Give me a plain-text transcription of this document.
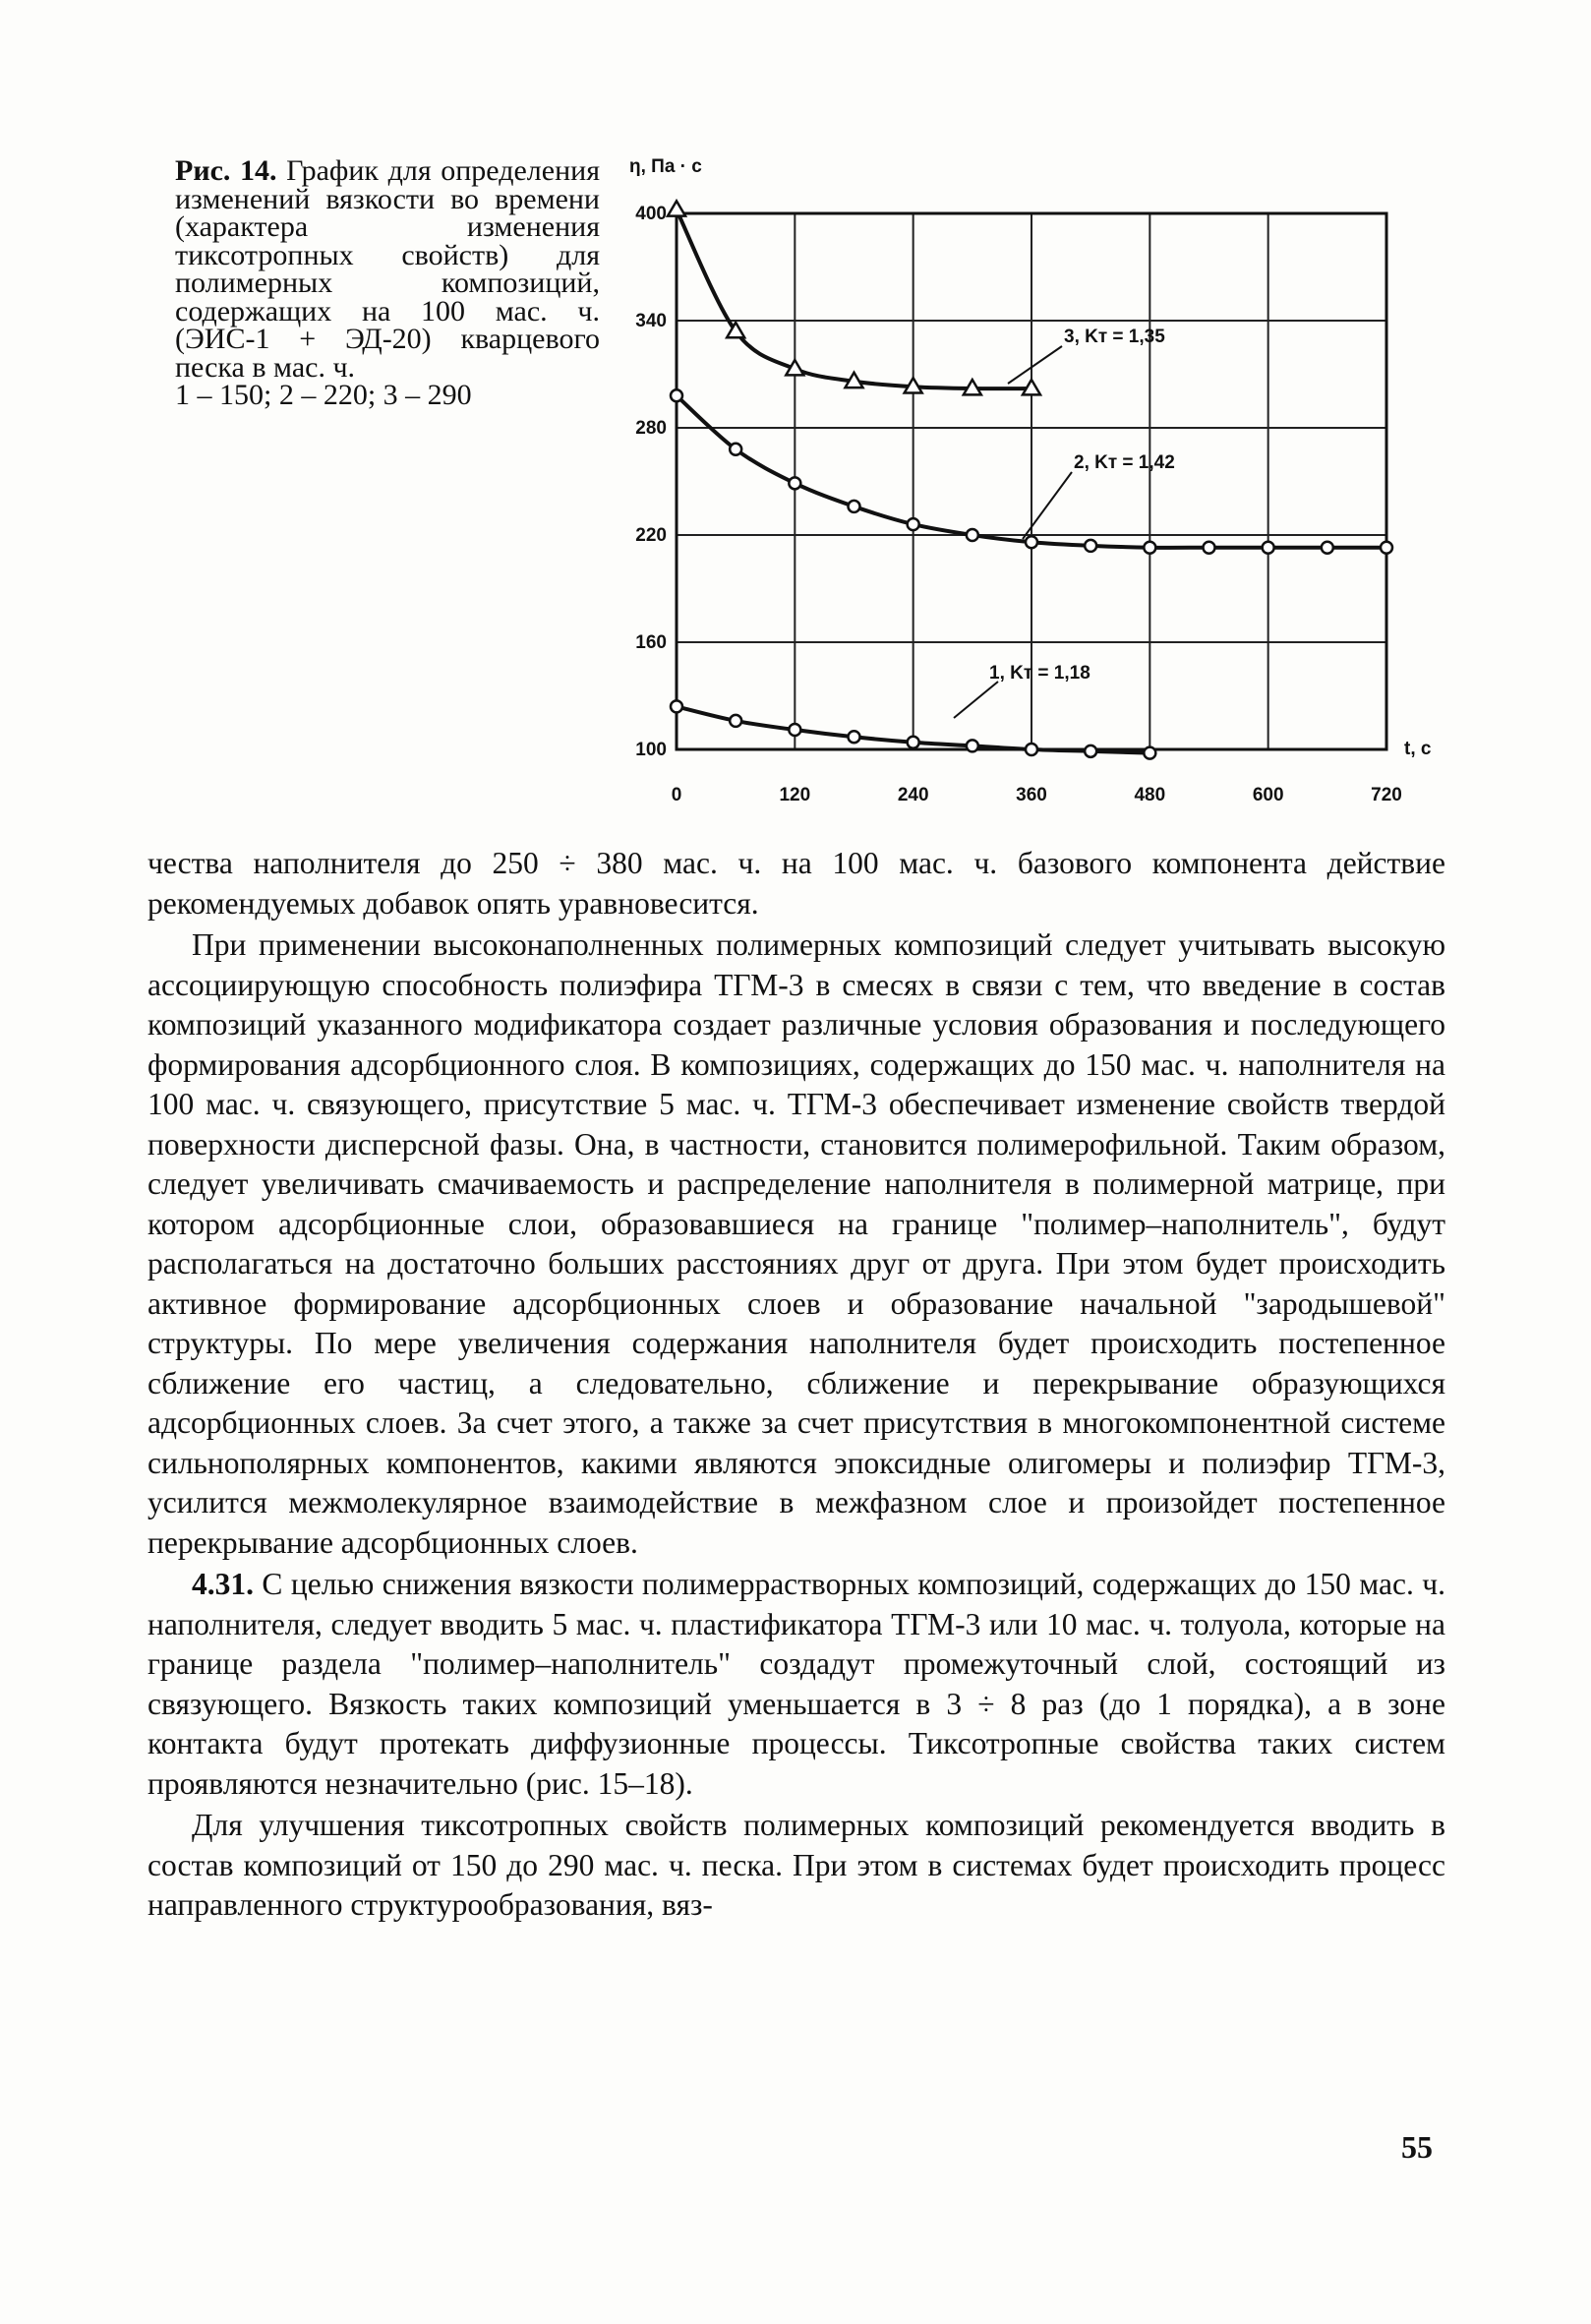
Рис. 14. График для определения изменений вязкости во времени (характера изменения тиксотропных свойств) для полимерных композиций, содержащих на 100 мас. ч. (ЭИС-1 + ЭД-20) кварцевого песка в мас. ч.
1 – 150; 2 – 220; 3 – 290
0	120	240	360	480	600	720
100
160
220
280
340
400
η, Па · с
t, с
1, Kт = 1,18
2, Kт = 1,42
3, Kт = 1,35

чества наполнителя до 250 ÷ 380 мас. ч. на 100 мас. ч. базового компонента действие рекомендуемых добавок опять уравновесится.

При применении высоконаполненных полимерных композиций следует учитывать высокую ассоциирующую способность полиэфира ТГМ-3 в смесях в связи с тем, что введение в состав композиций указанного модификатора создает различные условия образования и последующего формирования адсорбционного слоя. В композициях, содержащих до 150 мас. ч. наполнителя на 100 мас. ч. связующего, присутствие 5 мас. ч. ТГМ-3 обеспечивает изменение свойств твердой поверхности дисперсной фазы. Она, в частности, становится полимерофильной. Таким образом, следует увеличивать смачиваемость и распределение наполнителя в полимерной матрице, при котором адсорбционные слои, образовавшиеся на границе "полимер–наполнитель", будут располагаться на достаточно больших расстояниях друг от друга. При этом будет происходить активное формирование адсорбционных слоев и образование начальной "зародышевой" структуры. По мере увеличения содержания наполнителя будет происходить постепенное сближение его частиц, а следовательно, сближение и перекрывание образующихся адсорбционных слоев. За счет этого, а также за счет присутствия в многокомпонентной системе сильнополярных компонентов, какими являются эпоксидные олигомеры и полиэфир ТГМ-3, усилится межмолекулярное взаимодействие в межфазном слое и произойдет постепенное перекрывание адсорбционных слоев.

4.31. С целью снижения вязкости полимеррастворных композиций, содержащих до 150 мас. ч. наполнителя, следует вводить 5 мас. ч. пластификатора ТГМ-3 или 10 мас. ч. толуола, которые на границе раздела "полимер–наполнитель" создадут промежуточный слой, состоящий из связующего. Вязкость таких композиций уменьшается в 3 ÷ 8 раз (до 1 порядка), а в зоне контакта будут протекать диффузионные процессы. Тиксотропные свойства таких систем проявляются незначительно (рис. 15–18).

Для улучшения тиксотропных свойств полимерных композиций рекомендуется вводить в состав композиций от 150 до 290 мас. ч. песка. При этом в системах будет происходить процесс направленного структурообразования, вяз-

55
